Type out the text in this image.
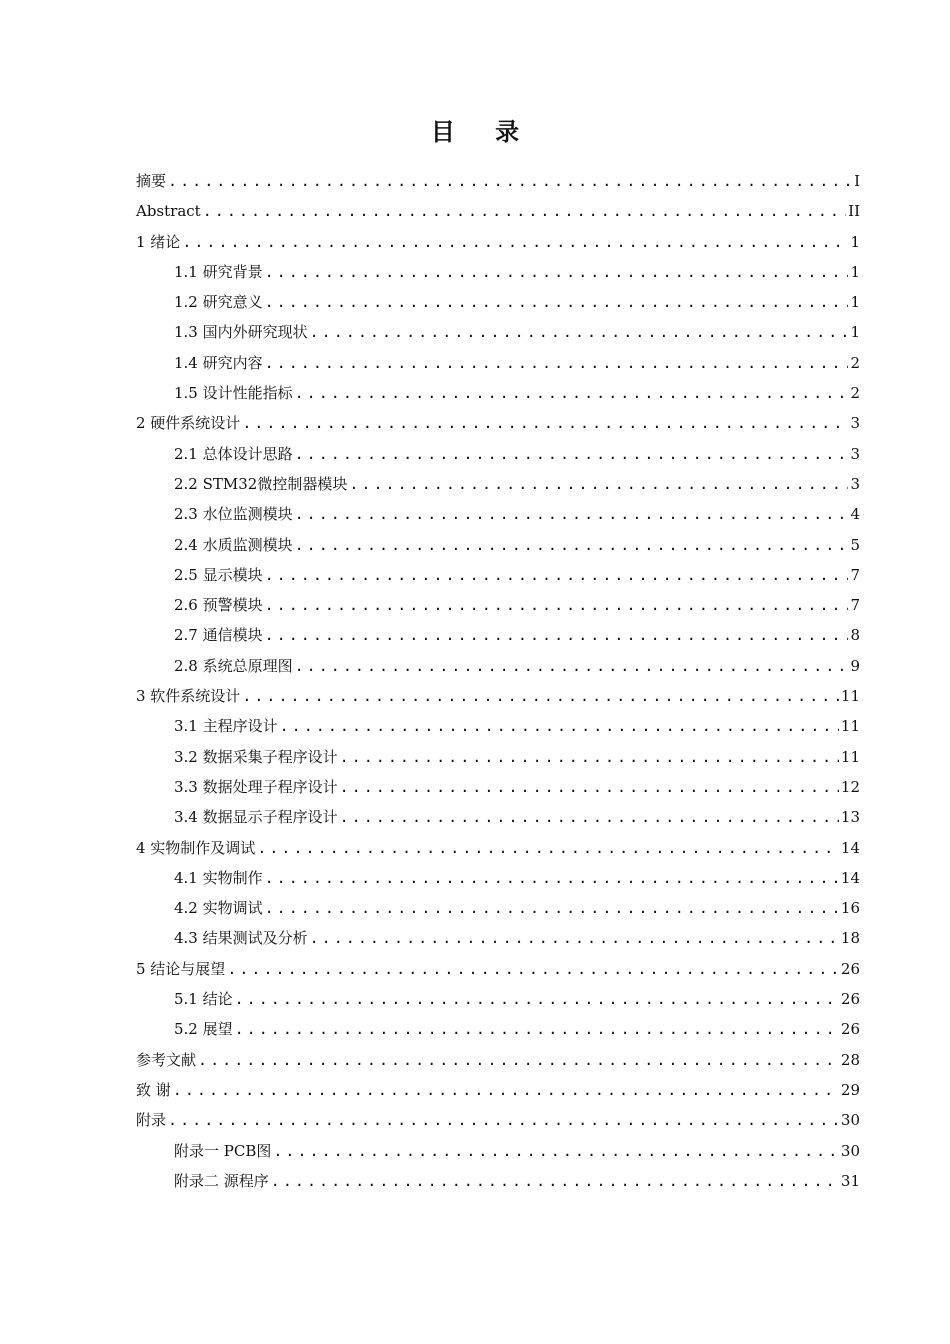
目 录
摘要 . . .	I
Abstract . . .	II
1 绪论 . . .	1
1.1 研究背景 . . .	1
1.2 研究意义 . . .	1
1.3 国内外研究现状 . . .	1
1.4 研究内容 . . .	2
1.5 设计性能指标 . . .	2
2 硬件系统设计 . . .	3
2.1 总体设计思路 . . .	3
2.2 STM32微控制器模块 . . .	3
2.3 水位监测模块 . . .	4
2.4 水质监测模块 . . .	5
2.5 显示模块 . . .	7
2.6 预警模块 . . .	7
2.7 通信模块 . . .	8
2.8 系统总原理图 . . .	9
3 软件系统设计 . . .	11
3.1 主程序设计 . . .	11
3.2 数据采集子程序设计 . . .	11
3.3 数据处理子程序设计 . . .	12
3.4 数据显示子程序设计 . . .	13
4 实物制作及调试 . . .	14
4.1 实物制作 . . .	14
4.2 实物调试 . . .	16
4.3 结果测试及分析 . . .	18
5 结论与展望 . . .	26
5.1 结论 . . .	26
5.2 展望 . . .	26
参考文献 . . .	28
致 谢 . . .	29
附录 . . .	30
附录一 PCB图 . . .	30
附录二 源程序 . . .	31
